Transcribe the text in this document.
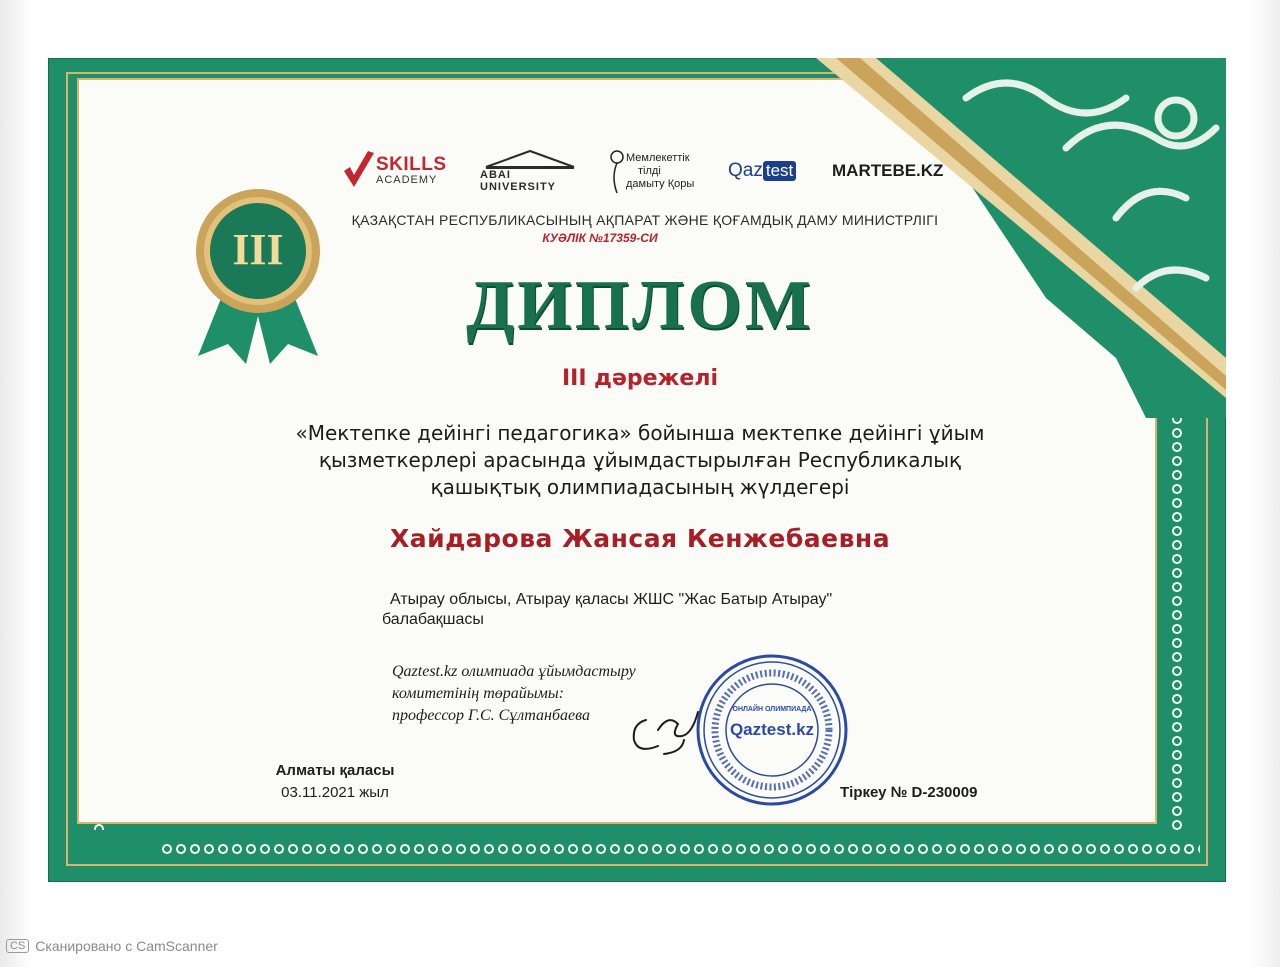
III
SKILLS
ACADEMY	ABAI UNIVERSITY
Мемлекеттік
тілді
дамыту Қоры
Qaz test MARTEBE.KZ
ҚАЗАҚСТАН РЕСПУБЛИКАСЫНЫҢ АҚПАРАТ ЖӘНЕ ҚОҒАМДЫҚ ДАМУ МИНИСТРЛІГІ
КУӘЛІК №17359-СИ
ДИПЛОМ
III дәрежелі
«Мектепке дейінгі педагогика» бойынша мектепке дейінгі ұйым
қызметкерлері арасында ұйымдастырылған Республикалық
қашықтық олимпиадасының жүлдегері
Хайдарова Жансая Кенжебаевна
Атырау облысы, Атырау қаласы ЖШС "Жас Батыр Атырау"
балабақшасы
Qaztest.kz олимпиада ұйымдастыру
комитетінің төрайымы:
профессор Г.С. Сұлтанбаева	ОНЛАЙН ОЛИМПИАДА
Qaztest.kz
Алматы қаласы
03.11.2021 жыл	Тіркеу № D-230009
CS Сканировано с CamScanner
